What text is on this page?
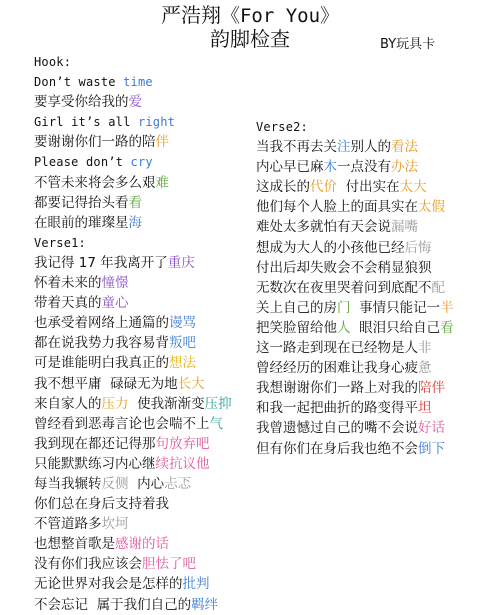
严浩翔《For You》
韵脚检查	BY玩具卡
Hook:
Don’t waste time
要享受你给我的爱
Girl it’s all right
要谢谢你们一路的陪伴
Please don’t cry
不管未来将会多么艰难
都要记得抬头看看
在眼前的璀璨星海
Verse1:
我记得 17 年我离开了重庆
怀着未来的憧憬
带着天真的童心
也承受着网络上通篇的谩骂
都在说我势力我容易背叛吧
可是谁能明白我真正的想法
我不想平庸  碌碌无为地长大
来自家人的压力  使我渐渐变压抑
曾经看到恶毒言论也会喘不上气
我到现在都还记得那句放弃吧
只能默默练习内心继续抗议他
每当我辗转反侧  内心忐忑
你们总在身后支持着我
不管道路多坎坷
也想整首歌是感谢的话
没有你们我应该会胆怯了吧
无论世界对我会是怎样的批判
不会忘记  属于我们自己的羁绊
Verse2:
当我不再去关注别人的看法
内心早已麻木一点没有办法
这成长的代价  付出实在太大
他们每个人脸上的面具实在太假
难处太多就怕有天会说漏嘴
想成为大人的小孩他已经后悔
付出后却失败会不会稍显狼狈
无数次在夜里哭着问到底配不配
关上自己的房门  事情只能记一半
把笑脸留给他人  眼泪只给自己看
这一路走到现在已经物是人非
曾经经历的困难让我身心疲惫
我想谢谢你们一路上对我的陪伴
和我一起把曲折的路变得平坦
我曾遗憾过自己的嘴不会说好话
但有你们在身后我也绝不会倒下
